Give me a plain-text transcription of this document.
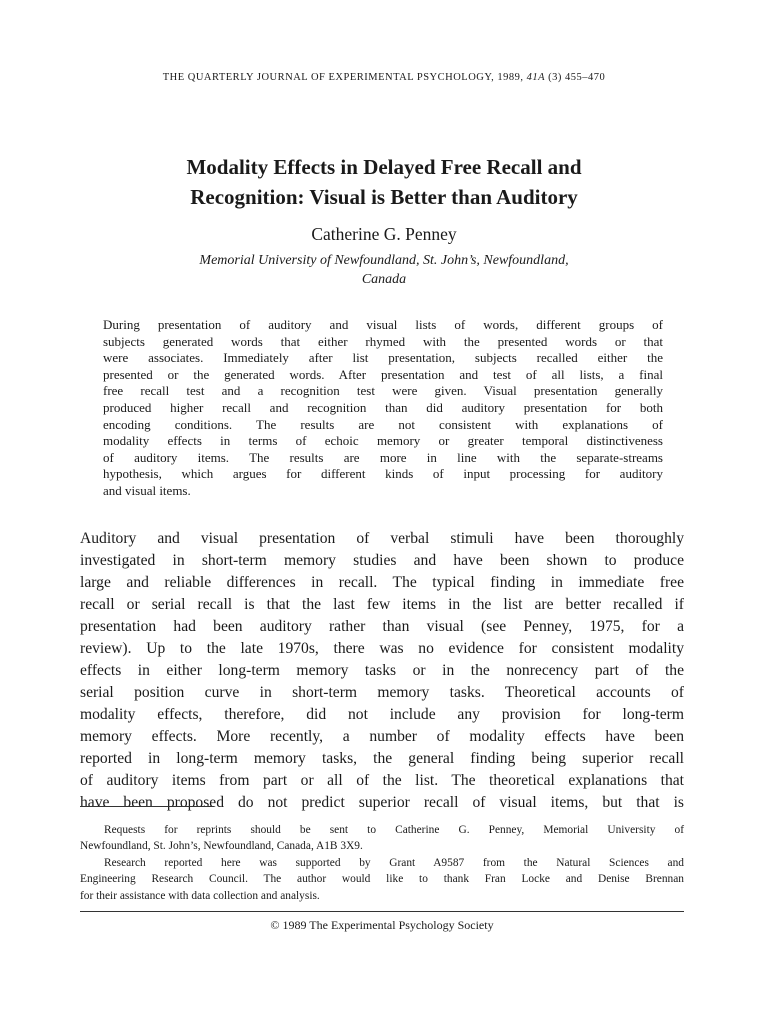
THE QUARTERLY JOURNAL OF EXPERIMENTAL PSYCHOLOGY, 1989, 41A (3) 455–470
Modality Effects in Delayed Free Recall and
Recognition: Visual is Better than Auditory
Catherine G. Penney
Memorial University of Newfoundland, St. John’s, Newfoundland,
Canada
During presentation of auditory and visual lists of words, different groups of
subjects generated words that either rhymed with the presented words or that
were associates. Immediately after list presentation, subjects recalled either the
presented or the generated words. After presentation and test of all lists, a final
free recall test and a recognition test were given. Visual presentation generally
produced higher recall and recognition than did auditory presentation for both
encoding conditions. The results are not consistent with explanations of
modality effects in terms of echoic memory or greater temporal distinctiveness
of auditory items. The results are more in line with the separate-streams
hypothesis, which argues for different kinds of input processing for auditory
and visual items.
Auditory and visual presentation of verbal stimuli have been thoroughly
investigated in short-term memory studies and have been shown to produce
large and reliable differences in recall. The typical finding in immediate free
recall or serial recall is that the last few items in the list are better recalled if
presentation had been auditory rather than visual (see Penney, 1975, for a
review). Up to the late 1970s, there was no evidence for consistent modality
effects in either long-term memory tasks or in the nonrecency part of the
serial position curve in short-term memory tasks. Theoretical accounts of
modality effects, therefore, did not include any provision for long-term
memory effects. More recently, a number of modality effects have been
reported in long-term memory tasks, the general finding being superior recall
of auditory items from part or all of the list. The theoretical explanations that
have been proposed do not predict superior recall of visual items, but that is
Requests for reprints should be sent to Catherine G. Penney, Memorial University of
Newfoundland, St. John’s, Newfoundland, Canada, A1B 3X9.
Research reported here was supported by Grant A9587 from the Natural Sciences and
Engineering Research Council. The author would like to thank Fran Locke and Denise Brennan
for their assistance with data collection and analysis.
© 1989 The Experimental Psychology Society
